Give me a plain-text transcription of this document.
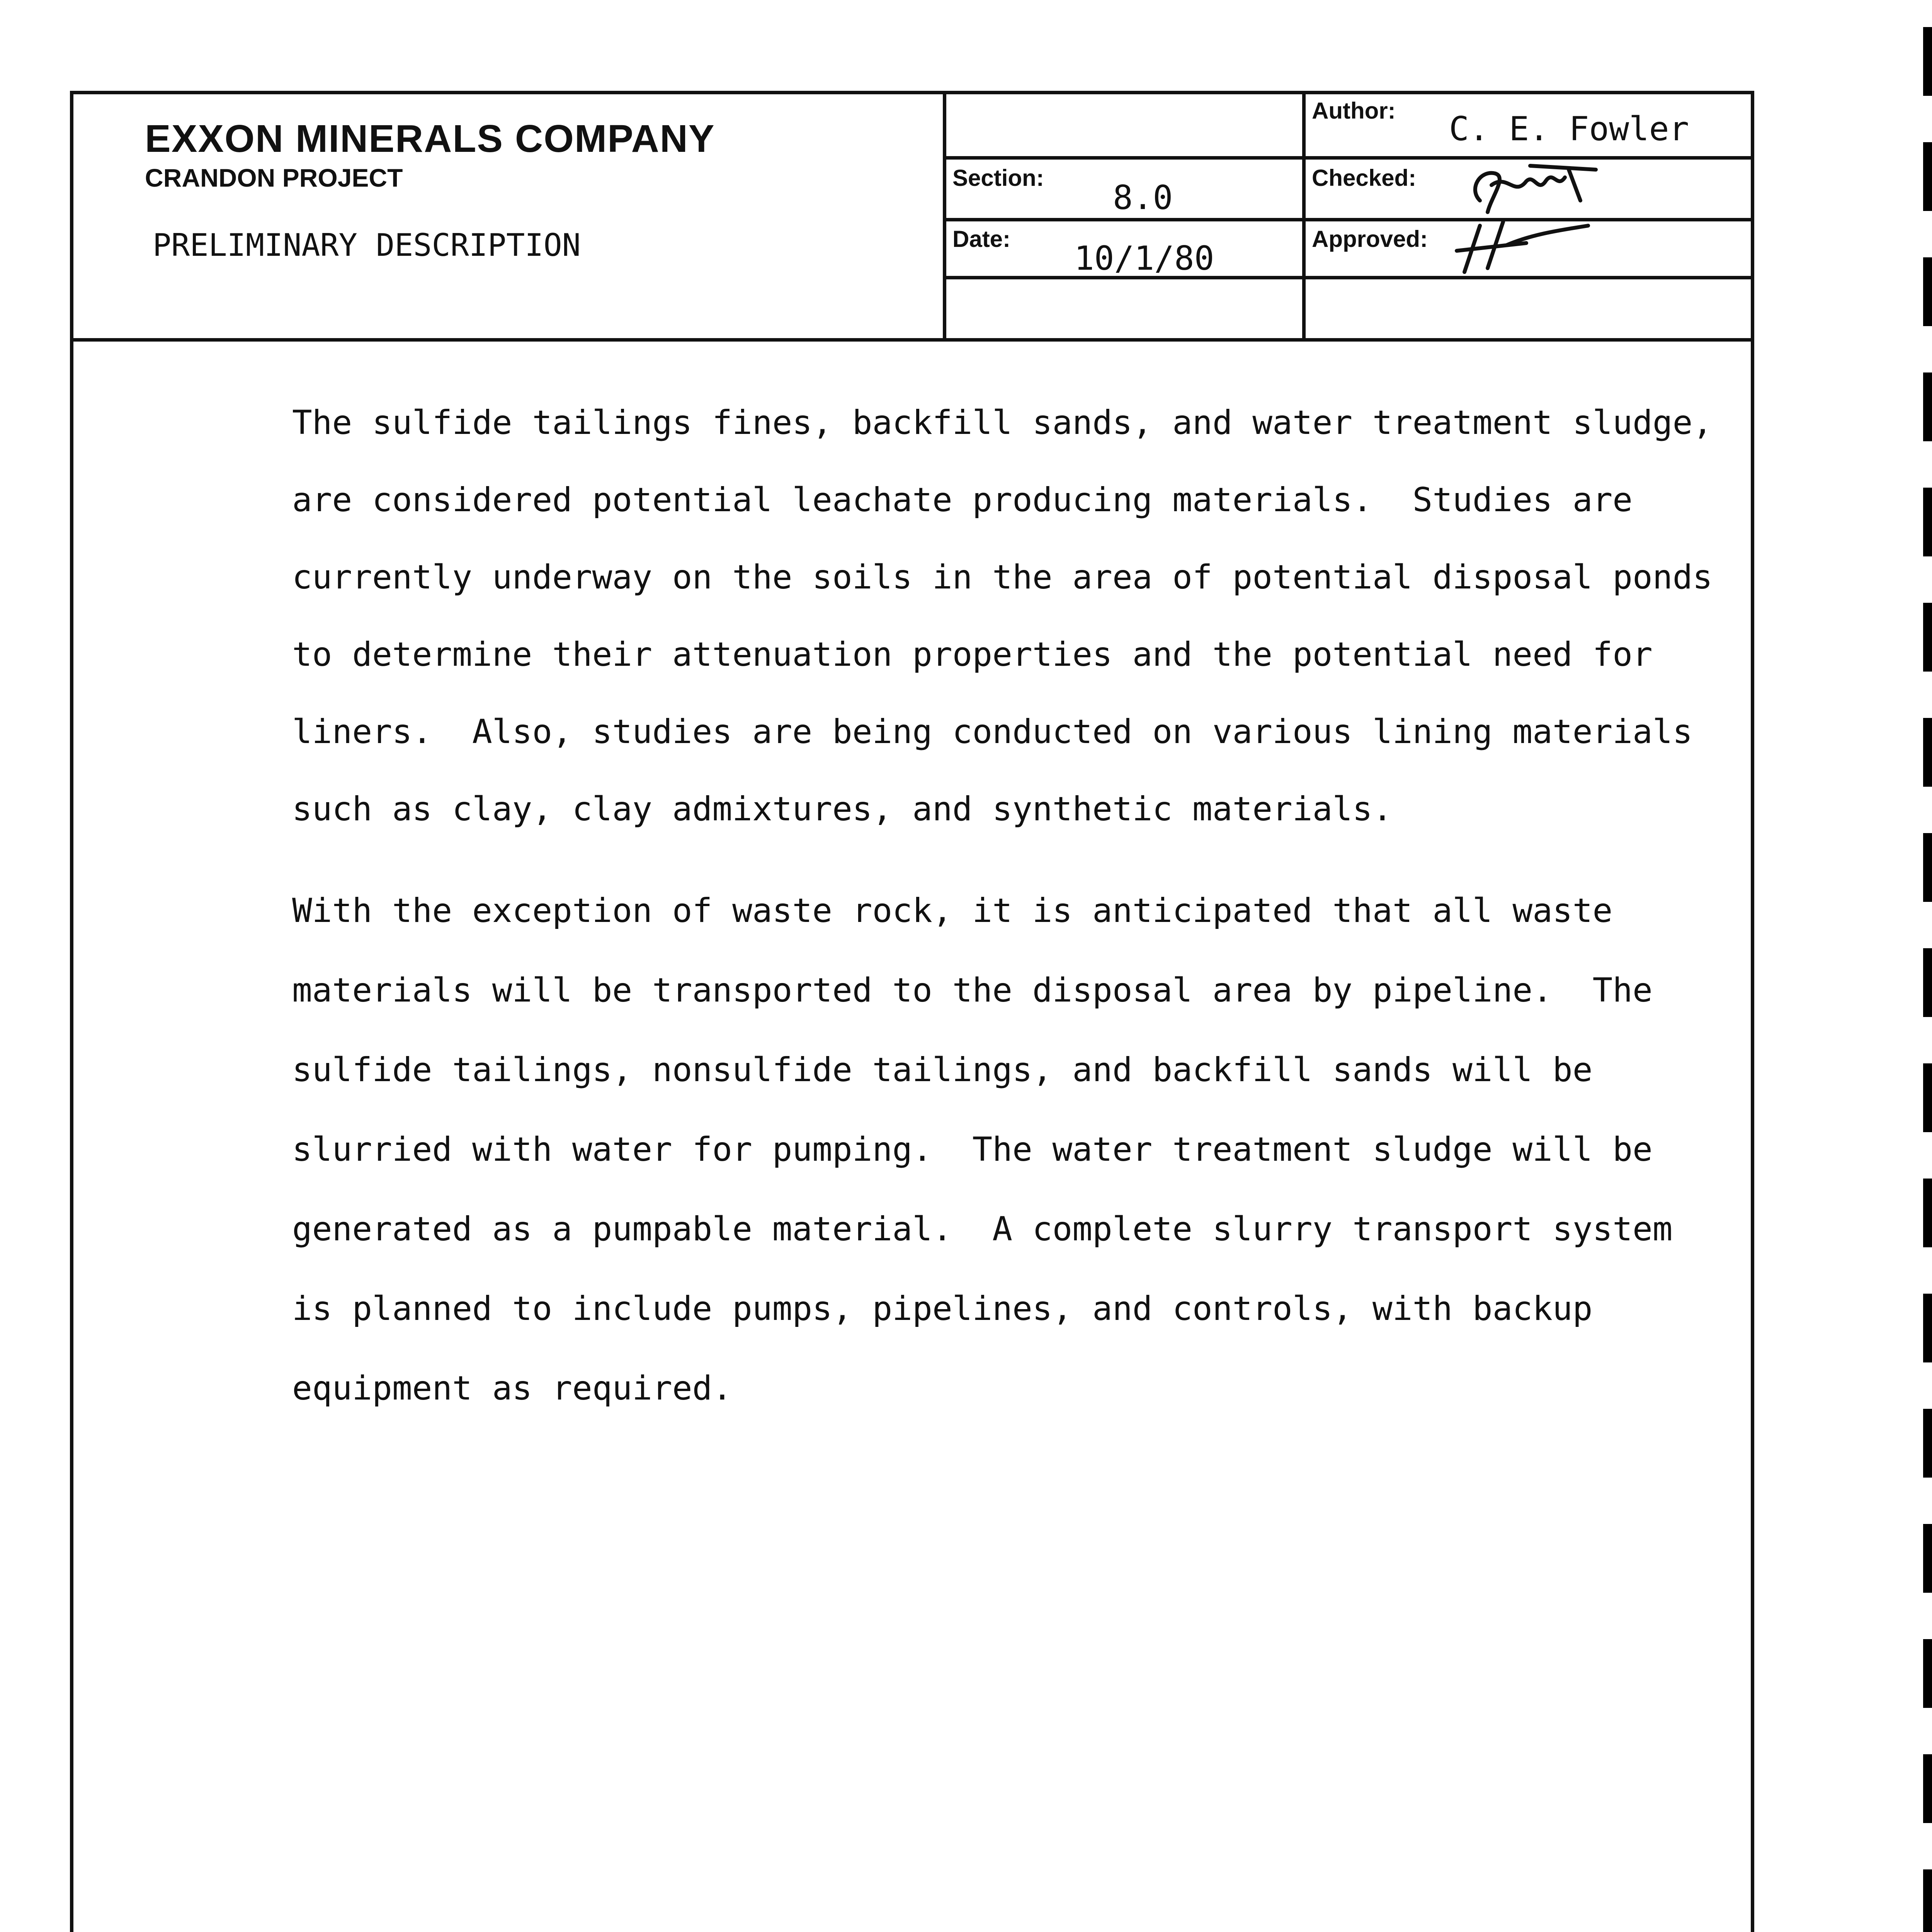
EXXON MINERALS COMPANY
CRANDON PROJECT
PRELIMINARY DESCRIPTION
Section:
8.0
Date:
10/1/80
Author: C. E. Fowler
Checked:
Approved:

The sulfide tailings fines, backfill sands, and water treatment sludge,

are considered potential leachate producing materials.  Studies are

currently underway on the soils in the area of potential disposal ponds

to determine their attenuation properties and the potential need for

liners.  Also, studies are being conducted on various lining materials

such as clay, clay admixtures, and synthetic materials.

With the exception of waste rock, it is anticipated that all waste

materials will be transported to the disposal area by pipeline.  The

sulfide tailings, nonsulfide tailings, and backfill sands will be

slurried with water for pumping.  The water treatment sludge will be

generated as a pumpable material.  A complete slurry transport system

is planned to include pumps, pipelines, and controls, with backup

equipment as required.
